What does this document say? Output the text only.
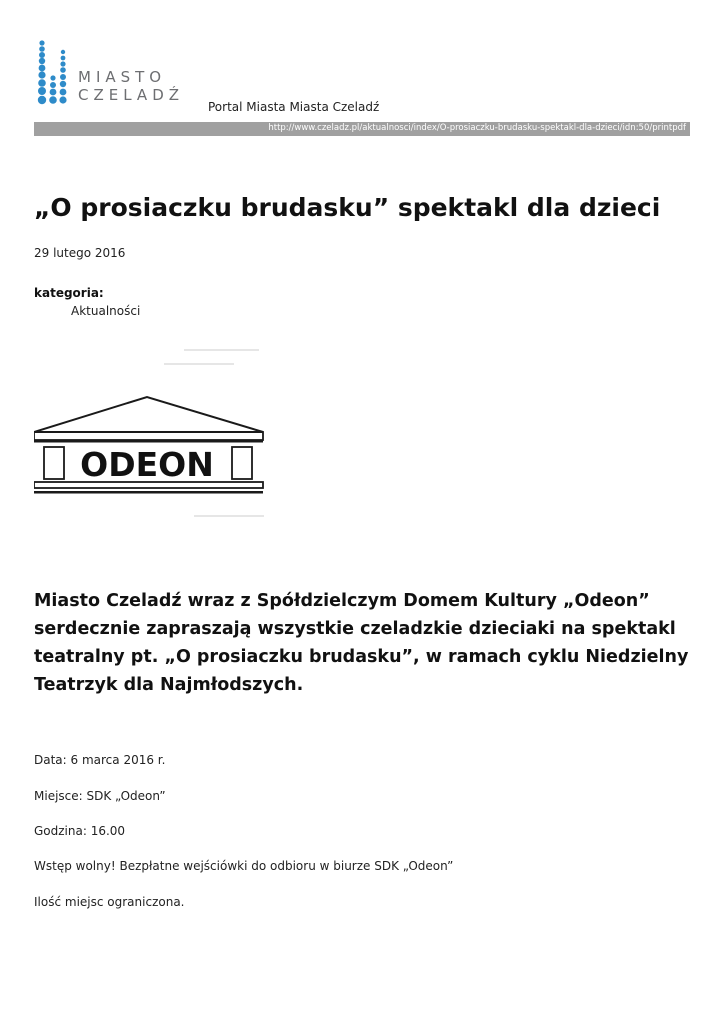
MIASTO
CZELADŹ
Portal Miasta Miasta Czeladź
http://www.czeladz.pl/aktualnosci/index/O-prosiaczku-brudasku-spektakl-dla-dzieci/idn:50/printpdf
„O prosiaczku brudasku” spektakl dla dzieci
29 lutego 2016
kategoria:
Aktualności
ODEON

Miasto Czeladź wraz z Spółdzielczym Domem Kultury „Odeon” serdecznie zapraszają wszystkie czeladzkie dzieciaki na spektakl teatralny pt. „O prosiaczku brudasku”, w ramach cyklu Niedzielny Teatrzyk dla Najmłodszych.

Data: 6 marca 2016 r.
Miejsce: SDK „Odeon”
Godzina: 16.00
Wstęp wolny! Bezpłatne wejściówki do odbioru w biurze SDK „Odeon”
Ilość miejsc ograniczona.
